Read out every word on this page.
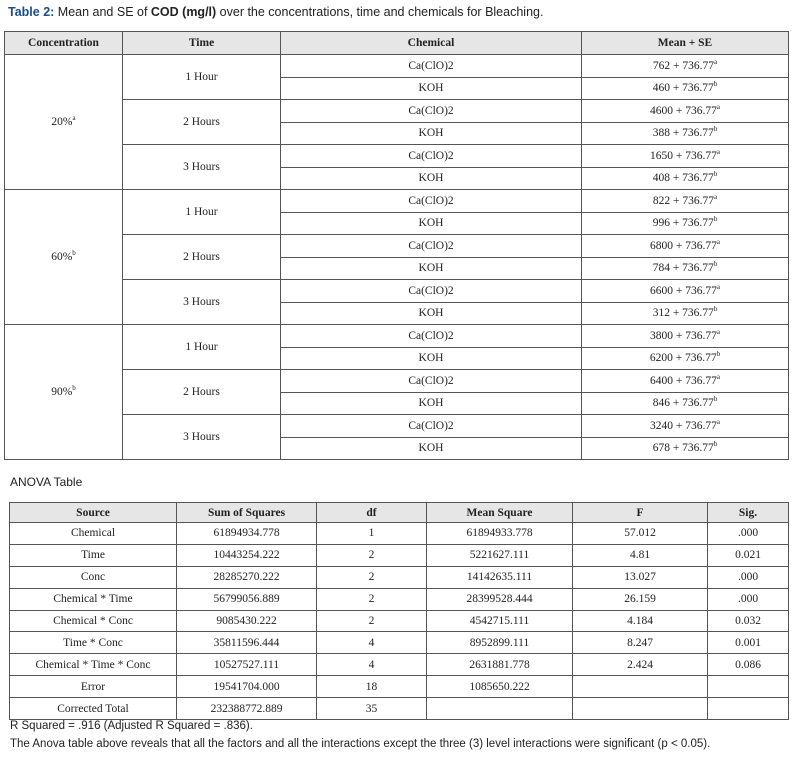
Table 2: Mean and SE of COD (mg/l) over the concentrations, time and chemicals for Bleaching.
Concentration	Time	Chemical	Mean + SE
20%$^a$	1 Hour	Ca(ClO)2	762 + 736.77$^a$
		KOH	460 + 736.77$^b$
	2 Hours	Ca(ClO)2	4600 + 736.77$^a$
		KOH	388 + 736.77$^b$
	3 Hours	Ca(ClO)2	1650 + 736.77$^a$
		KOH	408 + 736.77$^b$
60%$^b$	1 Hour	Ca(ClO)2	822 + 736.77$^a$
		KOH	996 + 736.77$^b$
	2 Hours	Ca(ClO)2	6800 + 736.77$^a$
		KOH	784 + 736.77$^b$
	3 Hours	Ca(ClO)2	6600 + 736.77$^a$
		KOH	312 + 736.77$^b$
90%$^b$	1 Hour	Ca(ClO)2	3800 + 736.77$^a$
		KOH	6200 + 736.77$^b$
	2 Hours	Ca(ClO)2	6400 + 736.77$^a$
		KOH	846 + 736.77$^b$
	3 Hours	Ca(ClO)2	3240 + 736.77$^a$
		KOH	678 + 736.77$^b$
ANOVA Table
Source	Sum of Squares	df	Mean Square	F	Sig.
Chemical	61894934.778	1	61894933.778	57.012	.000
Time	10443254.222	2	5221627.111	4.81	0.021
Conc	28285270.222	2	14142635.111	13.027	.000
Chemical * Time	56799056.889	2	28399528.444	26.159	.000
Chemical * Conc	9085430.222	2	4542715.111	4.184	0.032
Time * Conc	35811596.444	4	8952899.111	8.247	0.001
Chemical * Time * Conc	10527527.111	4	2631881.778	2.424	0.086
Error	19541704.000	18	1085650.222		
Corrected Total	232388772.889	35			
R Squared = .916 (Adjusted R Squared = .836).
The Anova table above reveals that all the factors and all the interactions except the three (3) level interactions were significant (p < 0.05).
